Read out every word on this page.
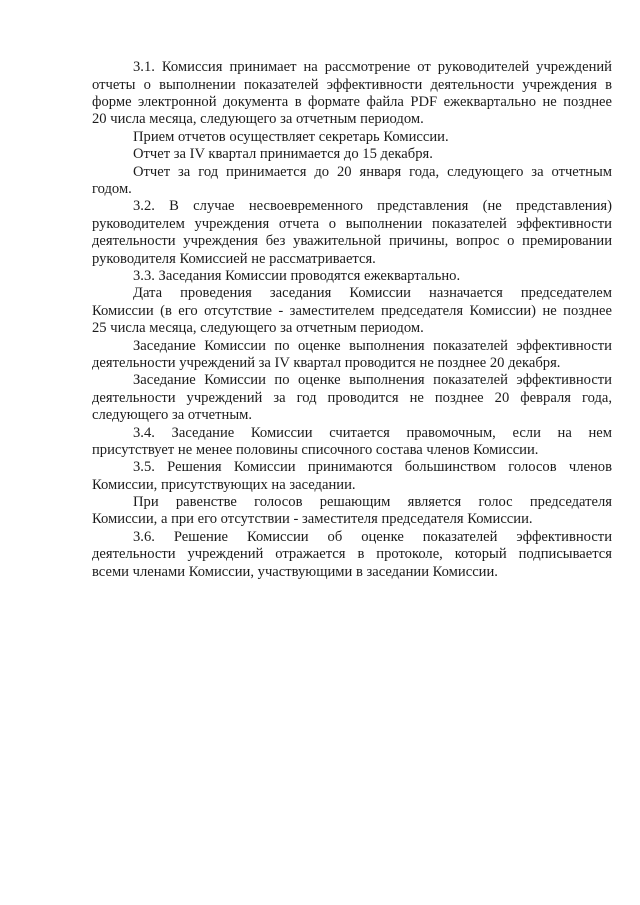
3.1. Комиссия принимает на рассмотрение от руководителей учреждений
отчеты о выполнении показателей эффективности деятельности учреждения в
форме электронной документа в формате файла PDF ежеквартально не позднее
20 числа месяца, следующего за отчетным периодом.
Прием отчетов осуществляет секретарь Комиссии.
Отчет за IV квартал принимается до 15 декабря.
Отчет за год принимается до 20 января года, следующего за отчетным
годом.
3.2. В случае несвоевременного представления (не представления)
руководителем учреждения отчета о выполнении показателей эффективности
деятельности учреждения без уважительной причины, вопрос о премировании
руководителя Комиссией не рассматривается.
3.3. Заседания Комиссии проводятся ежеквартально.
Дата проведения заседания Комиссии назначается председателем
Комиссии (в его отсутствие - заместителем председателя Комиссии) не позднее
25 числа месяца, следующего за отчетным периодом.
Заседание Комиссии по оценке выполнения показателей эффективности
деятельности учреждений за IV квартал проводится не позднее 20 декабря.
Заседание Комиссии по оценке выполнения показателей эффективности
деятельности учреждений за год проводится не позднее 20 февраля года,
следующего за отчетным.
3.4. Заседание Комиссии считается правомочным, если на нем
присутствует не менее половины списочного состава членов Комиссии.
3.5. Решения Комиссии принимаются большинством голосов членов
Комиссии, присутствующих на заседании.
При равенстве голосов решающим является голос председателя
Комиссии, а при его отсутствии - заместителя председателя Комиссии.
3.6. Решение Комиссии об оценке показателей эффективности
деятельности учреждений отражается в протоколе, который подписывается
всеми членами Комиссии, участвующими в заседании Комиссии.
